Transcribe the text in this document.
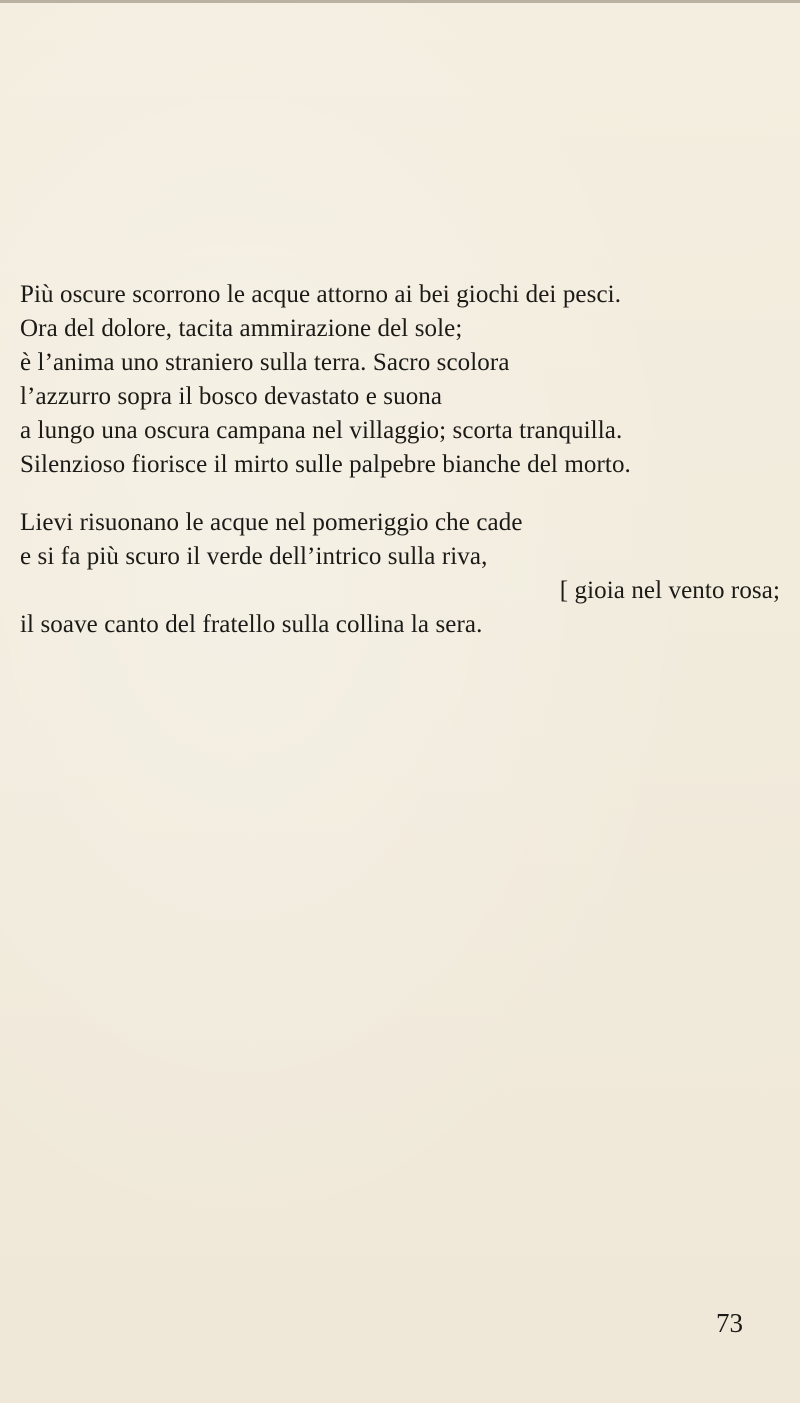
Più oscure scorrono le acque attorno ai bei giochi dei pesci.
Ora del dolore, tacita ammirazione del sole;
è l’anima uno straniero sulla terra. Sacro scolora
l’azzurro sopra il bosco devastato e suona
a lungo una oscura campana nel villaggio; scorta tranquilla.
Silenzioso fiorisce il mirto sulle palpebre bianche del morto.
Lievi risuonano le acque nel pomeriggio che cade
e si fa più scuro il verde dell’intrico sulla riva,
[ gioia nel vento rosa;
il soave canto del fratello sulla collina la sera.
73
